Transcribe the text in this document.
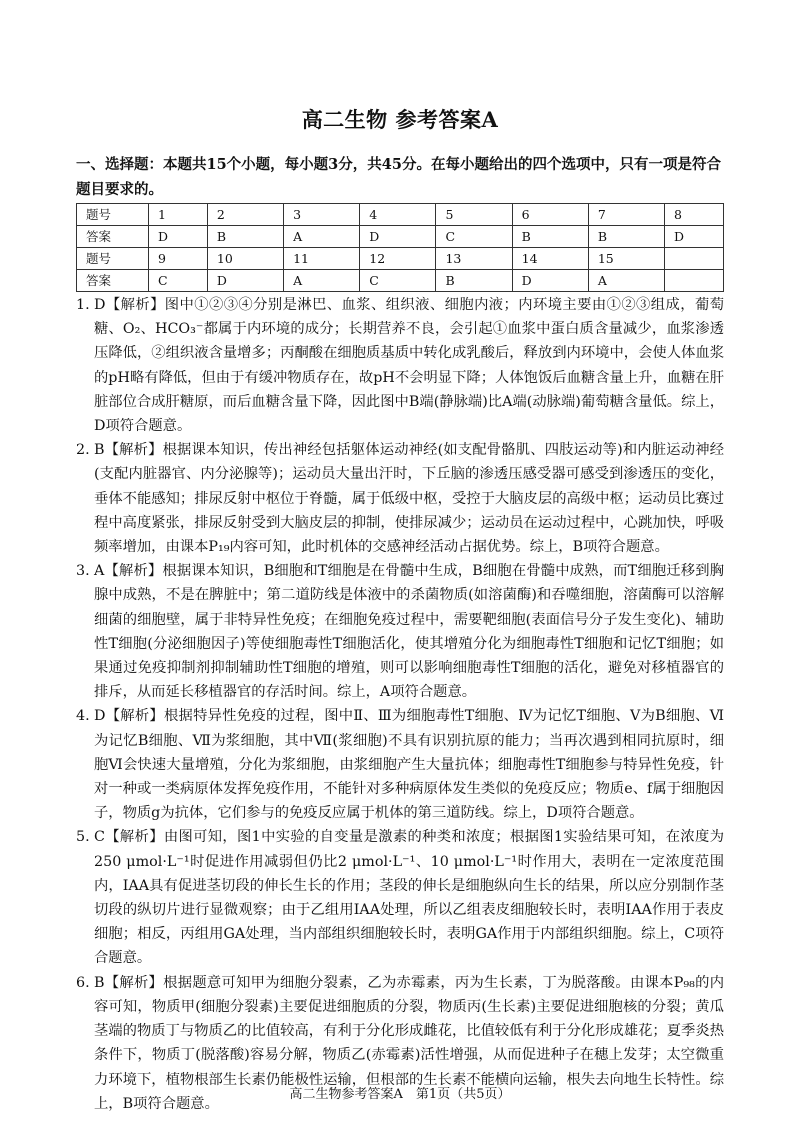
高二生物 参考答案A
一、选择题：本题共15个小题，每小题3分，共45分。在每小题给出的四个选项中，只有一项是符合题目要求的。
题号	1	2	3	4	5	6	7	8
答案	D	B	A	D	C	B	B	D
题号	9	10	11	12	13	14	15	
答案	C	D	A	C	B	D	A	
1. D【解析】图中①②③④分别是淋巴、血浆、组织液、细胞内液；内环境主要由①②③组成，葡萄糖、O₂、HCO₃⁻都属于内环境的成分；长期营养不良，会引起①血浆中蛋白质含量减少，血浆渗透压降低，②组织液含量增多；丙酮酸在细胞质基质中转化成乳酸后，释放到内环境中，会使人体血浆的pH略有降低，但由于有缓冲物质存在，故pH不会明显下降；人体饱饭后血糖含量上升，血糖在肝脏部位合成肝糖原，而后血糖含量下降，因此图中B端(静脉端)比A端(动脉端)葡萄糖含量低。综上，D项符合题意。
2. B【解析】根据课本知识，传出神经包括躯体运动神经(如支配骨骼肌、四肢运动等)和内脏运动神经(支配内脏器官、内分泌腺等)；运动员大量出汗时，下丘脑的渗透压感受器可感受到渗透压的变化，垂体不能感知；排尿反射中枢位于脊髓，属于低级中枢，受控于大脑皮层的高级中枢；运动员比赛过程中高度紧张，排尿反射受到大脑皮层的抑制，使排尿减少；运动员在运动过程中，心跳加快，呼吸频率增加，由课本P₁₉内容可知，此时机体的交感神经活动占据优势。综上，B项符合题意。
3. A【解析】根据课本知识，B细胞和T细胞是在骨髓中生成，B细胞在骨髓中成熟，而T细胞迁移到胸腺中成熟，不是在脾脏中；第二道防线是体液中的杀菌物质(如溶菌酶)和吞噬细胞，溶菌酶可以溶解细菌的细胞壁，属于非特异性免疫；在细胞免疫过程中，需要靶细胞(表面信号分子发生变化)、辅助性T细胞(分泌细胞因子)等使细胞毒性T细胞活化，使其增殖分化为细胞毒性T细胞和记忆T细胞；如果通过免疫抑制剂抑制辅助性T细胞的增殖，则可以影响细胞毒性T细胞的活化，避免对移植器官的排斥，从而延长移植器官的存活时间。综上，A项符合题意。
4. D【解析】根据特异性免疫的过程，图中Ⅱ、Ⅲ为细胞毒性T细胞、Ⅳ为记忆T细胞、Ⅴ为B细胞、Ⅵ为记忆B细胞、Ⅶ为浆细胞，其中Ⅶ(浆细胞)不具有识别抗原的能力；当再次遇到相同抗原时，细胞Ⅵ会快速大量增殖，分化为浆细胞，由浆细胞产生大量抗体；细胞毒性T细胞参与特异性免疫，针对一种或一类病原体发挥免疫作用，不能针对多种病原体发生类似的免疫反应；物质e、f属于细胞因子，物质g为抗体，它们参与的免疫反应属于机体的第三道防线。综上，D项符合题意。
5. C【解析】由图可知，图1中实验的自变量是激素的种类和浓度；根据图1实验结果可知，在浓度为250 μmol·L⁻¹时促进作用减弱但仍比2 μmol·L⁻¹、10 μmol·L⁻¹时作用大，表明在一定浓度范围内，IAA具有促进茎切段的伸长生长的作用；茎段的伸长是细胞纵向生长的结果，所以应分别制作茎切段的纵切片进行显微观察；由于乙组用IAA处理，所以乙组表皮细胞较长时，表明IAA作用于表皮细胞；相反，丙组用GA处理，当内部组织细胞较长时，表明GA作用于内部组织细胞。综上，C项符合题意。
6. B【解析】根据题意可知甲为细胞分裂素，乙为赤霉素，丙为生长素，丁为脱落酸。由课本P₉₈的内容可知，物质甲(细胞分裂素)主要促进细胞质的分裂，物质丙(生长素)主要促进细胞核的分裂；黄瓜茎端的物质丁与物质乙的比值较高，有利于分化形成雌花，比值较低有利于分化形成雄花；夏季炎热条件下，物质丁(脱落酸)容易分解，物质乙(赤霉素)活性增强，从而促进种子在穗上发芽；太空微重力环境下，植物根部生长素仍能极性运输，但根部的生长素不能横向运输，根失去向地生长特性。综上，B项符合题意。
高二生物参考答案A　第1页（共5页）
